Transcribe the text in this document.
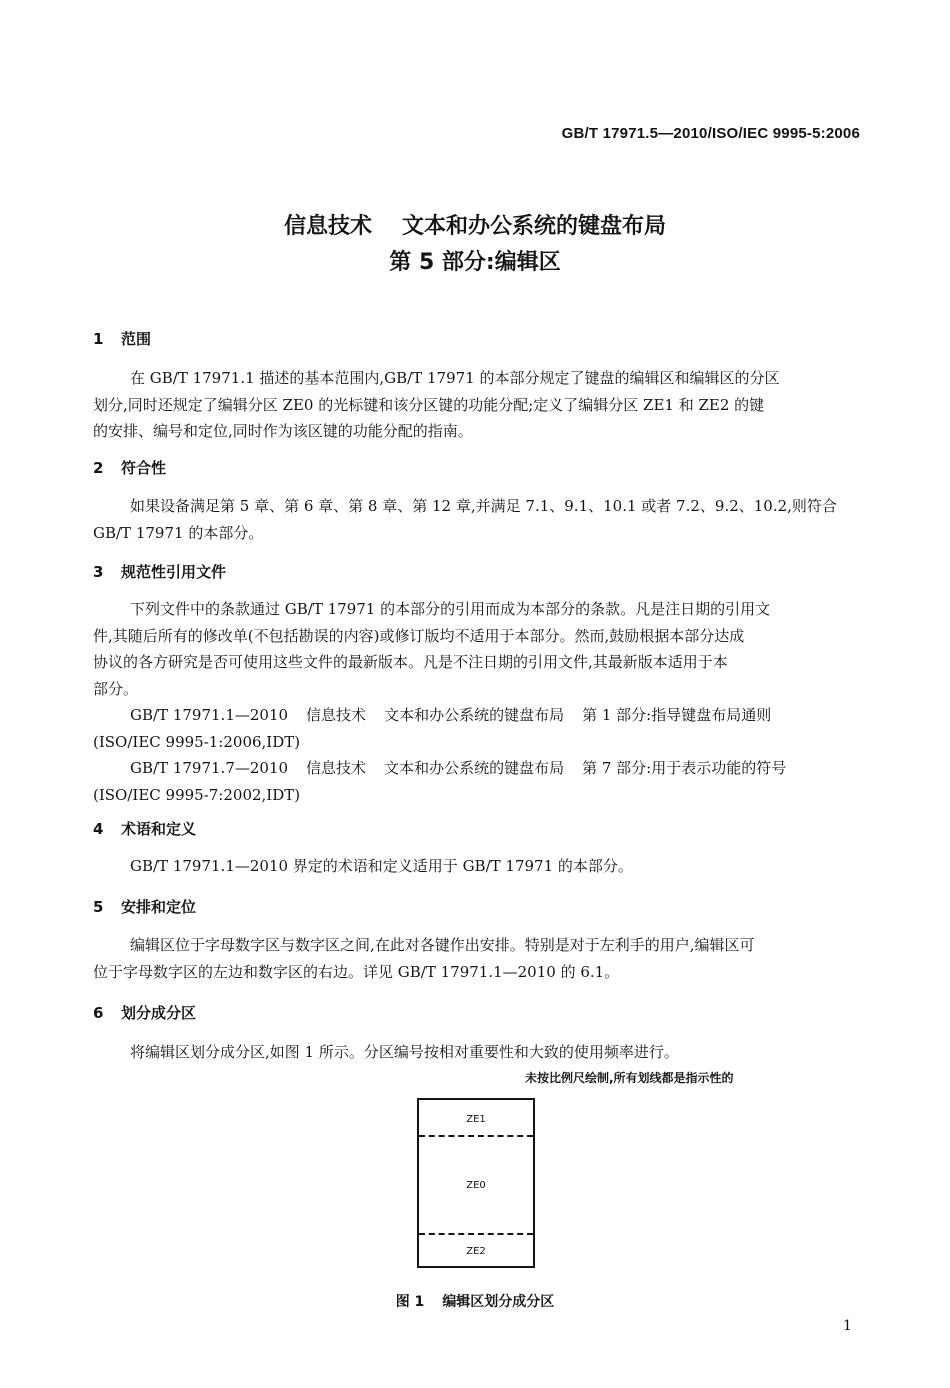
GB/T 17971.5—2010/ISO/IEC 9995-5:2006
信息技术 文本和办公系统的键盘布局
第 5 部分:编辑区
1 范围
在 GB/T 17971.1 描述的基本范围内,GB/T 17971 的本部分规定了键盘的编辑区和编辑区的分区
划分,同时还规定了编辑分区 ZE0 的光标键和该分区键的功能分配;定义了编辑分区 ZE1 和 ZE2 的键
的安排、编号和定位,同时作为该区键的功能分配的指南。
2 符合性
如果设备满足第 5 章、第 6 章、第 8 章、第 12 章,并满足 7.1、9.1、10.1 或者 7.2、9.2、10.2,则符合
GB/T 17971 的本部分。
3 规范性引用文件
下列文件中的条款通过 GB/T 17971 的本部分的引用而成为本部分的条款。凡是注日期的引用文
件,其随后所有的修改单(不包括勘误的内容)或修订版均不适用于本部分。然而,鼓励根据本部分达成
协议的各方研究是否可使用这些文件的最新版本。凡是不注日期的引用文件,其最新版本适用于本
部分。
GB/T 17971.1—2010 信息技术 文本和办公系统的键盘布局 第 1 部分:指导键盘布局通则
(ISO/IEC 9995-1:2006,IDT)
GB/T 17971.7—2010 信息技术 文本和办公系统的键盘布局 第 7 部分:用于表示功能的符号
(ISO/IEC 9995-7:2002,IDT)
4 术语和定义
GB/T 17971.1—2010 界定的术语和定义适用于 GB/T 17971 的本部分。
5 安排和定位
编辑区位于字母数字区与数字区之间,在此对各键作出安排。特别是对于左利手的用户,编辑区可
位于字母数字区的左边和数字区的右边。详见 GB/T 17971.1—2010 的 6.1。
6 划分成分区
将编辑区划分成分区,如图 1 所示。分区编号按相对重要性和大致的使用频率进行。
未按比例尺绘制,所有划线都是指示性的
ZE1
ZE0
ZE2
图 1 编辑区划分成分区
1
